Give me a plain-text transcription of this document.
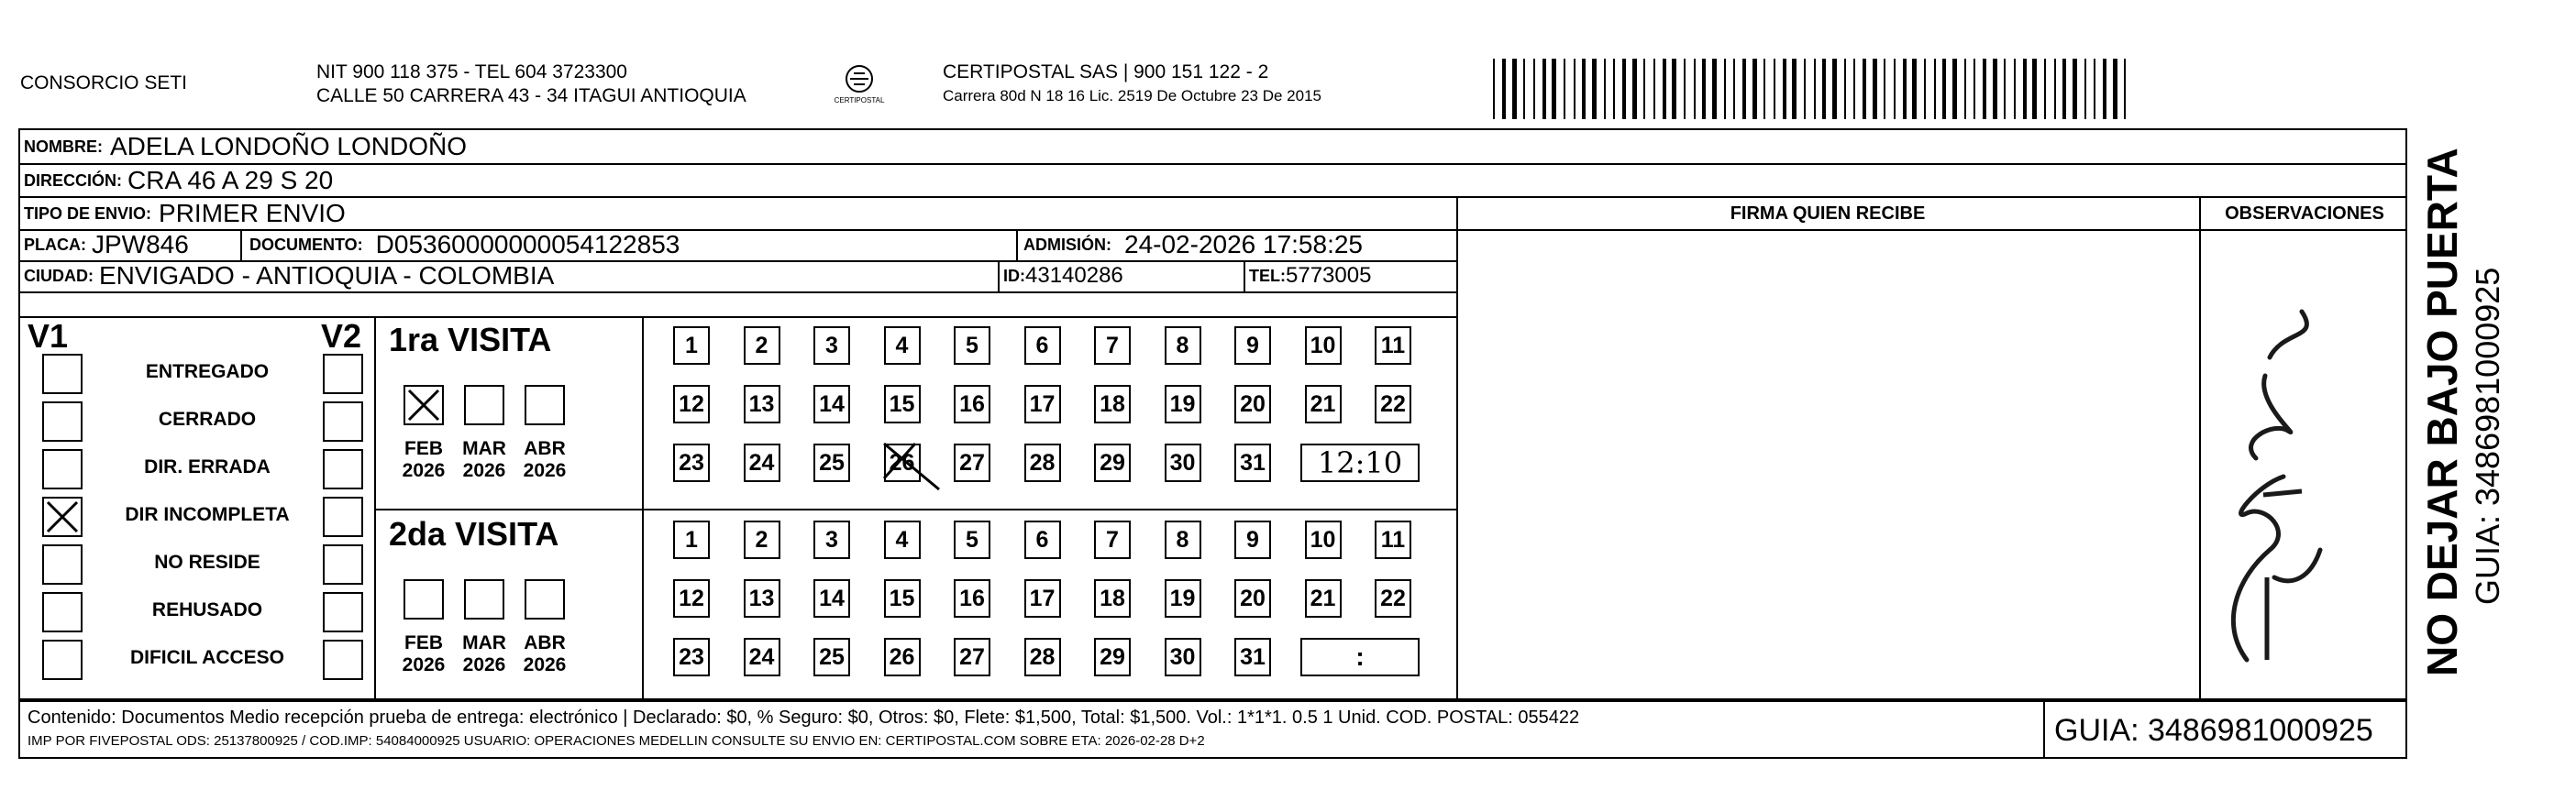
CONSORCIO SETI
NIT 900 118 375 - TEL 604 3723300
CALLE 50 CARRERA 43 - 34 ITAGUI ANTIOQUIA	CERTIPOSTAL
CERTIPOSTAL SAS | 900 151 122 - 2
Carrera 80d N 18 16 Lic. 2519 De Octubre 23 De 2015
NOMBRE: ADELA LONDOÑO LONDOÑO
DIRECCIÓN: CRA 46 A 29 S 20
TIPO DE ENVIO: PRIMER ENVIO
PLACA: JPW846	DOCUMENTO: D05360000000054122853	ADMISIÓN: 24-02-2026 17:58:25
CIUDAD: ENVIGADO - ANTIOQUIA - COLOMBIA	ID: 43140286	TEL: 5773005
FIRMA QUIEN RECIBE	OBSERVACIONES
V1	V2
ENTREGADO
CERRADO
DIR. ERRADA
DIR INCOMPLETA
NO RESIDE
REHUSADO
DIFICIL ACCESO
1ra VISITA
FEB
2026
MAR
2026
ABR
2026
1	2	3	4	5	6	7	8	9	10 11
12 13 14 15 16 17 18 19 20 21 22
23 24 25 26 27 28 29 30 31	12:10
2da VISITA
FEB
2026
MAR
2026
ABR
2026
1	2	3	4	5	6	7	8	9	10 11
12 13 14 15 16 17 18 19 20 21 22
23 24 25 26 27 28 29 30 31	:
Contenido: Documentos Medio recepción prueba de entrega: electrónico | Declarado: $0, % Seguro: $0, Otros: $0, Flete: $1,500, Total: $1,500. Vol.: 1*1*1. 0.5 1 Unid. COD. POSTAL: 055422
IMP POR FIVEPOSTAL ODS: 25137800925 / COD.IMP: 54084000925 USUARIO: OPERACIONES MEDELLIN CONSULTE SU ENVIO EN: CERTIPOSTAL.COM SOBRE ETA: 2026-02-28 D+2	GUIA: 3486981000925
NO DEJAR BAJO PUERTA GUIA: 3486981000925
